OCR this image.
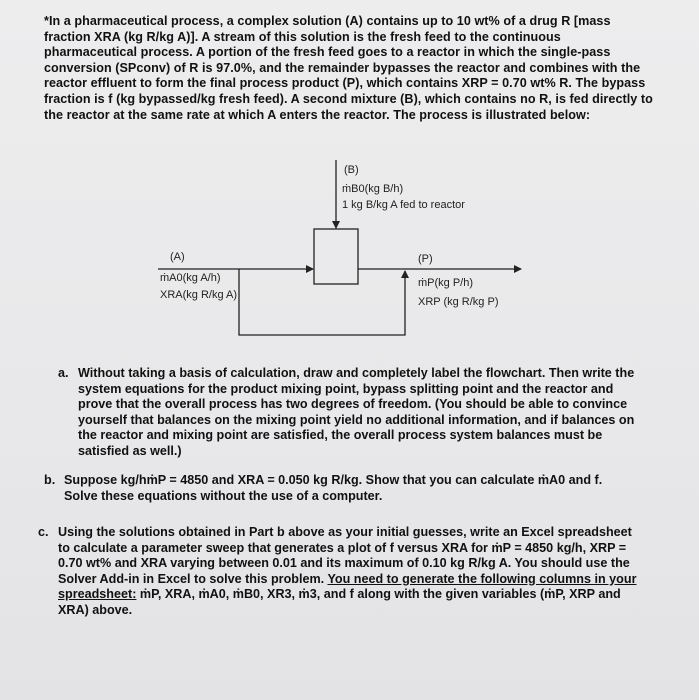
*In a pharmaceutical process, a complex solution (A) contains up to 10 wt% of a drug R [mass fraction XRA (kg R/kg A)]. A stream of this solution is the fresh feed to the continuous pharmaceutical process. A portion of the fresh feed goes to a reactor in which the single-pass conversion (SPconv) of R is 97.0%, and the remainder bypasses the reactor and combines with the reactor effluent to form the final process product (P), which contains XRP = 0.70 wt% R. The bypass fraction is f (kg bypassed/kg fresh feed). A second mixture (B), which contains no R, is fed directly to the reactor at the same rate at which A enters the reactor. The process is illustrated below:

(B)
ṁB0(kg B/h)
1 kg B/kg A fed to reactor
(A)
ṁA0(kg A/h)
XRA(kg R/kg A)
(P)
ṁP(kg P/h)
XRP (kg R/kg P)
a. Without taking a basis of calculation, draw and completely label the flowchart. Then write the system equations for the product mixing point, bypass splitting point and the reactor and prove that the overall process has two degrees of freedom. (You should be able to convince yourself that balances on the mixing point yield no additional information, and if balances on the reactor and mixing point are satisfied, the overall process system balances must be satisfied as well.)

b. Suppose kg/hṁP = 4850 and XRA = 0.050 kg R/kg. Show that you can calculate ṁA0 and f. Solve these equations without the use of a computer.

c. Using the solutions obtained in Part b above as your initial guesses, write an Excel spreadsheet to calculate a parameter sweep that generates a plot of f versus XRA for ṁP = 4850 kg/h, XRP = 0.70 wt% and XRA varying between 0.01 and its maximum of 0.10 kg R/kg A. You should use the Solver Add-in in Excel to solve this problem. You need to generate the following columns in your spreadsheet: ṁP, XRA, ṁA0, ṁB0, XR3, ṁ3, and f along with the given variables (ṁP, XRP and XRA) above.
